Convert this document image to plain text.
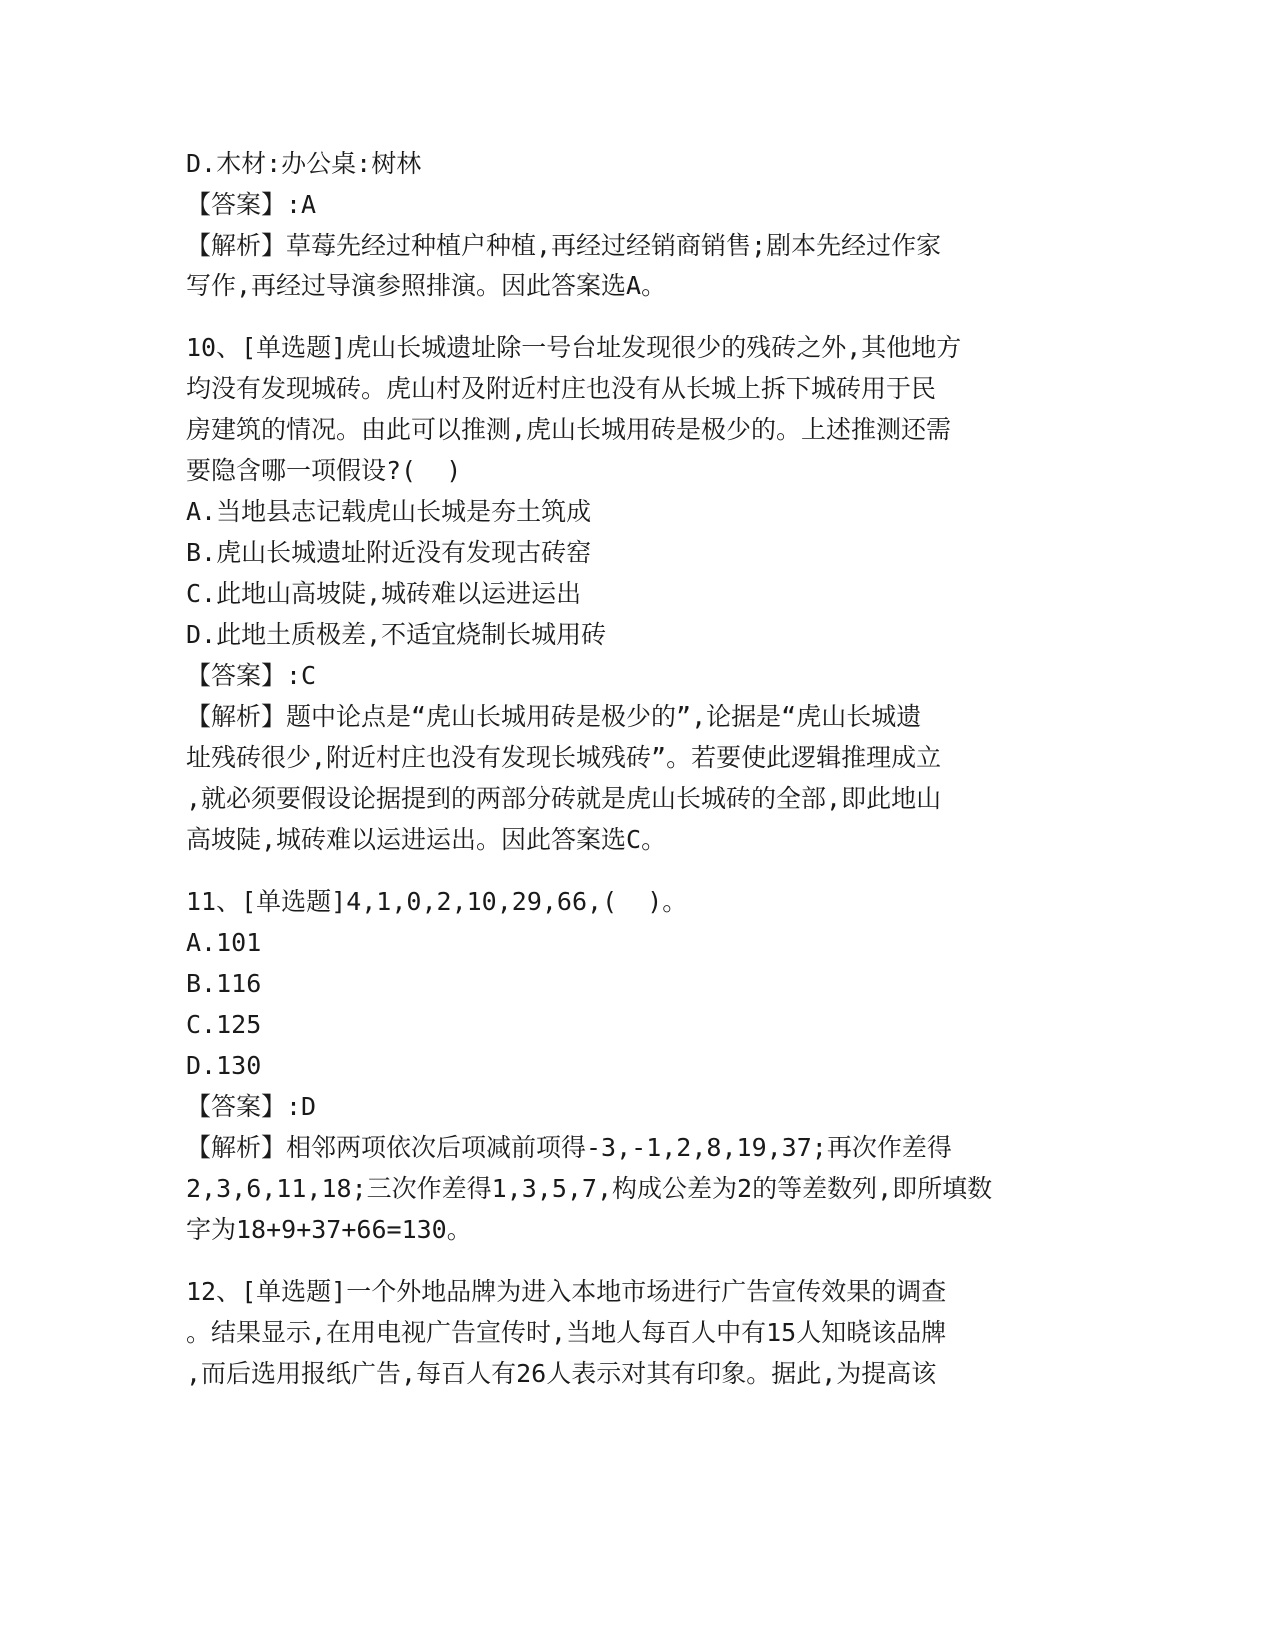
D.木材:办公桌:树林
【答案】:A
【解析】草莓先经过种植户种植,再经过经销商销售;剧本先经过作家
写作,再经过导演参照排演。因此答案选A。
10、[单选题]虎山长城遗址除一号台址发现很少的残砖之外,其他地方
均没有发现城砖。虎山村及附近村庄也没有从长城上拆下城砖用于民
房建筑的情况。由此可以推测,虎山长城用砖是极少的。上述推测还需
要隐含哪一项假设?(  )
A.当地县志记载虎山长城是夯土筑成
B.虎山长城遗址附近没有发现古砖窑
C.此地山高坡陡,城砖难以运进运出
D.此地土质极差,不适宜烧制长城用砖
【答案】:C
【解析】题中论点是“虎山长城用砖是极少的”,论据是“虎山长城遗
址残砖很少,附近村庄也没有发现长城残砖”。若要使此逻辑推理成立
,就必须要假设论据提到的两部分砖就是虎山长城砖的全部,即此地山
高坡陡,城砖难以运进运出。因此答案选C。
11、[单选题]4,1,0,2,10,29,66,(  )。
A.101
B.116
C.125
D.130
【答案】:D
【解析】相邻两项依次后项减前项得-3,-1,2,8,19,37;再次作差得
2,3,6,11,18;三次作差得1,3,5,7,构成公差为2的等差数列,即所填数
字为18+9+37+66=130。
12、[单选题]一个外地品牌为进入本地市场进行广告宣传效果的调查
。结果显示,在用电视广告宣传时,当地人每百人中有15人知晓该品牌
,而后选用报纸广告,每百人有26人表示对其有印象。据此,为提高该
